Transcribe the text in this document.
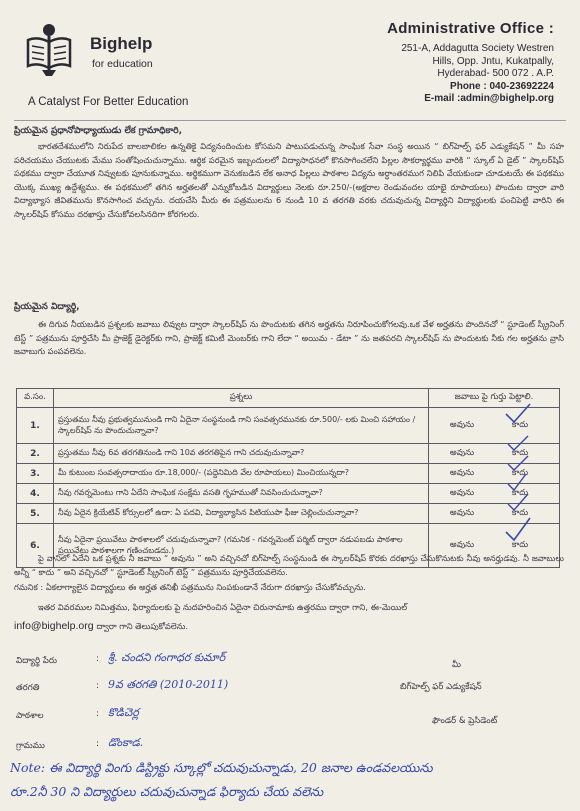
Bighelp
for education
A Catalyst For Better Education
Administrative Office :
251-A, Addagutta Society Westren
Hills, Opp. Jntu, Kukatpally,
Hyderabad- 500 072 . A.P.
Phone : 040-23692224
E-mail :admin@bighelp.org
ప్రియమైన ప్రధానోపాధ్యాయుడు లేక గ్రామాధికారి,
భారతదేశములోని నిరుపేద బాలబాలికల ఉన్నతికై విద్యనందించుట కోసమని పాటుపడుచున్న సాంఘిక సేవా సంస్థ అయిన “ బిగ్‌హెల్ప్ ఫర్ ఎడ్యుకేషన్ ” మీ సహ పరిచయము చేయుటకు మేము సంతోషించుచున్నాము. ఆర్థిక పరమైన ఇబ్బందులలో విద్యాసాధనలో కొనసాగించలేని పిల్లల సౌకర్యార్థము వారికి “ స్కూల్ ఏ డైట్ ” స్కాలర్‌షిప్ పథకము ద్వారా చేయూత నివ్వుటకు పూనుకున్నాము. అర్థికముగా వెనుకబడిన లేక అనాధ పిల్లలు పాఠశాల విద్యను అర్ధాంతరముగ నిలిపి వేయకుండా చూడుటయే ఈ పథకము యొక్క ముఖ్య ఉద్దేశ్యము. ఈ పథకములో తగిన అర్హతలతో ఎన్నుకోబడిన విద్యార్థులు నెలకు రూ.250/-(అక్షరాల రెండువందల యాభై రూపాయలు) పొందుట ద్వారా వారి విద్యాభ్యాస జీవితమును కొనసాగించ వచ్చును. దయచేసి మీరు ఈ పత్రములను 6 నుండి 10 వ తరగతి వరకు చదువుచున్న విద్యార్థిని విద్యార్థులకు పంచిపెట్టి వారిని ఈ స్కాలర్‌షిప్ కోసము దరఖాస్తు చేసుకోవలసినదిగా కోరగలరు.
ప్రియమైన విద్యార్థి,
ఈ దిగువ నీయబడిన ప్రశ్నలకు జవాబు లివ్వుట ద్వారా స్కాలర్‌షిప్ ను పొందుటకు తగిన అర్హతను నిరూపించుకోగలవు.ఒక వేళ అర్హతను పొందినచో “ స్టూడెంట్ స్క్రీనింగ్ టెస్ట్ ” పత్రమును పూర్తిచేసి మీ ప్రాజెక్ట్ డైరెక్టర్‌కు గాని, ప్రాజెక్ట్ కమిటీ మెంబర్‌కు గాని లేదా “ అయిమ - డేటా ” ను జతపరచి స్కాలర్‌షిప్ ను పొందుటకు నీకు గల అర్హతను వ్రాసి జవాబుగు పంపవలెను.
వ.సం.	ప్రశ్నలు	జవాబు పై గుర్తు పెట్టాలి.
1.	ప్రస్తుతము నీవు ప్రభుత్వమునుండి గాని ఏదైనా సంస్థనుండి గాని సంవత్సరమునకు రూ.500/- లకు మించి సహాయం / స్కాలర్‌షిప్ ను పొందుచున్నావా?	అవును కాదు
2.	ప్రస్తుతము నీవు 6వ తరగతినుండి గాని 10వ తరగతిపైన గాని చదువుచున్నావా?	అవును కాదు
3.	మీ కుటుంబ సంవత్సరాదాయం రూ.18,000/- (పద్దెనిమిది వేల రూపాయలు) మించియున్నదా?	అవును కాదు
4.	నీవు గవర్నమెంటు గాని ఏదేని సాంఘిక సంక్షేమ వసతి గృహముతో నివసించుచున్నావా?	అవును కాదు
5.	నీవు ఏదైన క్రియేటివ్ కోర్సులలో ఉదా: ఏ పదవి, విద్యాభ్యాసిన పిటియుపా ఫీజు చెల్లించుచున్నావా?	అవును కాదు
6.	నీవు ఏదైనా ప్రయివేటు పాఠశాలలో చదువుచున్నావా? (గమనిక - గవర్నమెంట్ పర్మిట్ ద్వారా నడుపబడు పాఠశాల ప్రయివేటు పాఠశాలగా గణించబడదు.)	అవును కాదు
పై వానిలో ఏదేని ఒక ప్రశ్నకు నీ జవాబు “ అవును ” అని వచ్చినచో బిగ్‌హెల్ప్ సంస్థనుండి ఈ స్కాలర్‌షిప్ కొరకు దరఖాస్తు చేసుకొనుటకు నీవు అనర్హుడవు. నీ జవాబులు అన్నీ “ కాదు ” అని వచ్చినచో “ స్టూడెంట్ స్క్రీనింగ్ టెస్ట్ ” పత్రమును పూర్తిచేయవలెను.
గమనిక : ఏకలాగ్యాలైన విద్యార్థులు ఈ అర్హత తనిఖీ పత్రమును నింపకుండానే నేరుగా దరఖాస్తు చేసుకోవచ్చును.
ఇతర వివరముల నిమిత్తము, ఫిర్యాదులకు పై నుదహరించిన ఏదైనా చిరునామాకు ఉత్తరము ద్వారా గాని, ఈ-మెయిల్
info@bighelp.org ద్వారా గాని తెలుపుకోవలెను.
విద్యార్థి పేరు	: శ్రీ. చందని గంగాధర కుమార్
తరగతి	: 9వ తరగతి (2010-2011)
పాఠశాల	: కొడిచెర్ల
గ్రామము	: డొంకాడ.
మీ
బిగ్‌హెల్ప్ ఫర్ ఎడ్యుకేషన్
ఫౌండర్ & ప్రెసిడెంట్
Note: ఈ విద్యార్థి వింగు డిస్ట్రిక్టు స్కూల్లో చదువుచున్నాడు, 20 జనాల ఉండవలయును
రూ.2నీ 30 ని విద్యార్థులు చదువుచున్నాడ ఫిర్యాదు చేయ వలెను
